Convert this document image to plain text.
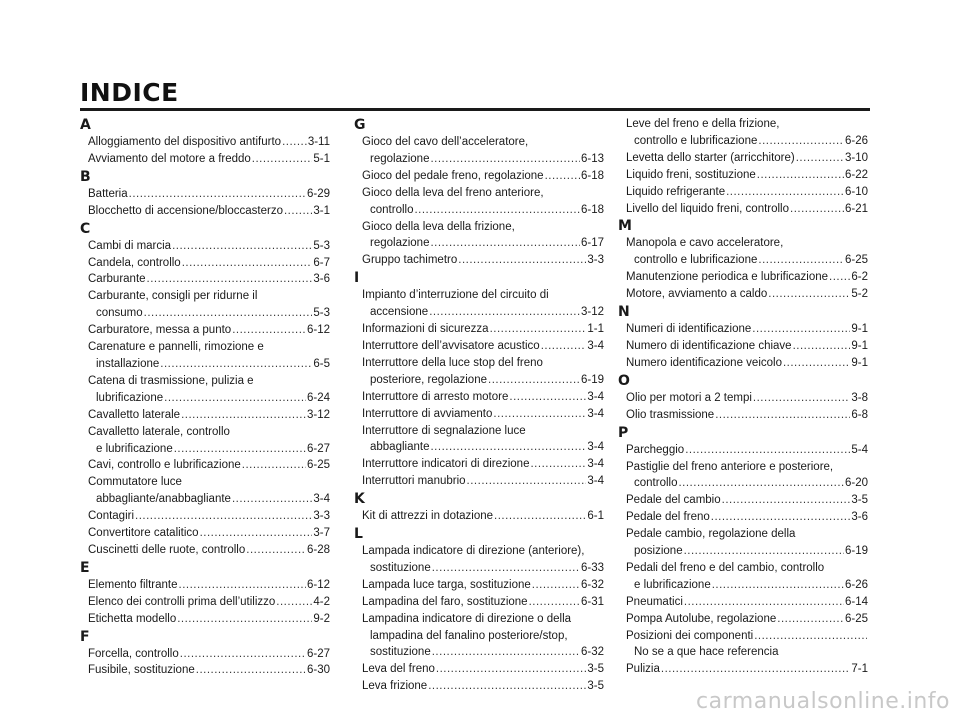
INDICE
A
Alloggiamento del dispositivo antifurto ..... 3-11
Avviamento del motore a freddo .....	5-1
B
Batteria .....	6-29
Blocchetto di accensione/bloccasterzo .....	3-1
C
Cambi di marcia .....	5-3
Candela, controllo .....	6-7
Carburante .....	3-6
Carburante, consigli per ridurne il
consumo .....	5-3
Carburatore, messa a punto .....	6-12
Carenature e pannelli, rimozione e
installazione .....	6-5
Catena di trasmissione, pulizia e
lubrificazione .....	6-24
Cavalletto laterale .....	3-12
Cavalletto laterale, controllo
e lubrificazione .....	6-27
Cavi, controllo e lubrificazione .....	6-25
Commutatore luce
abbagliante/anabbagliante .....	3-4
Contagiri .....	3-3
Convertitore catalitico .....	3-7
Cuscinetti delle ruote, controllo .....	6-28
E
Elemento filtrante .....	6-12
Elenco dei controlli prima dell’utilizzo .....	4-2
Etichetta modello .....	9-2
F
Forcella, controllo .....	6-27
Fusibile, sostituzione .....	6-30
G
Gioco del cavo dell’acceleratore,
regolazione .....	6-13
Gioco del pedale freno, regolazione .....	6-18
Gioco della leva del freno anteriore,
controllo .....	6-18
Gioco della leva della frizione,
regolazione .....	6-17
Gruppo tachimetro .....	3-3
I
Impianto d’interruzione del circuito di
accensione .....	3-12
Informazioni di sicurezza .....	1-1
Interruttore dell’avvisatore acustico .....	3-4
Interruttore della luce stop del freno
posteriore, regolazione .....	6-19
Interruttore di arresto motore .....	3-4
Interruttore di avviamento .....	3-4
Interruttore di segnalazione luce
abbagliante .....	3-4
Interruttore indicatori di direzione .....	3-4
Interruttori manubrio .....	3-4
K
Kit di attrezzi in dotazione .....	6-1
L
Lampada indicatore di direzione (anteriore),
sostituzione .....	6-33
Lampada luce targa, sostituzione .....	6-32
Lampadina del faro, sostituzione .....	6-31
Lampadina indicatore di direzione o della
lampadina del fanalino posteriore/stop,
sostituzione .....	6-32
Leva del freno .....	3-5
Leva frizione .....	3-5
Leve del freno e della frizione,
controllo e lubrificazione .....	6-26
Levetta dello starter (arricchitore) .....	3-10
Liquido freni, sostituzione .....	6-22
Liquido refrigerante .....	6-10
Livello del liquido freni, controllo .....	6-21
M
Manopola e cavo acceleratore,
controllo e lubrificazione .....	6-25
Manutenzione periodica e lubrificazione ..... 6-2
Motore, avviamento a caldo .....	5-2
N
Numeri di identificazione .....	9-1
Numero di identificazione chiave .....	9-1
Numero identificazione veicolo .....	9-1
O
Olio per motori a 2 tempi .....	3-8
Olio trasmissione .....	6-8
P
Parcheggio .....	5-4
Pastiglie del freno anteriore e posteriore,
controllo .....	6-20
Pedale del cambio .....	3-5
Pedale del freno .....	3-6
Pedale cambio, regolazione della
posizione .....	6-19
Pedali del freno e del cambio, controllo
e lubrificazione .....	6-26
Pneumatici .....	6-14
Pompa Autolube, regolazione .....	6-25
Posizioni dei componenti
.....
No se a que hace referencia
Pulizia .....	7-1
carmanualsonline.info
